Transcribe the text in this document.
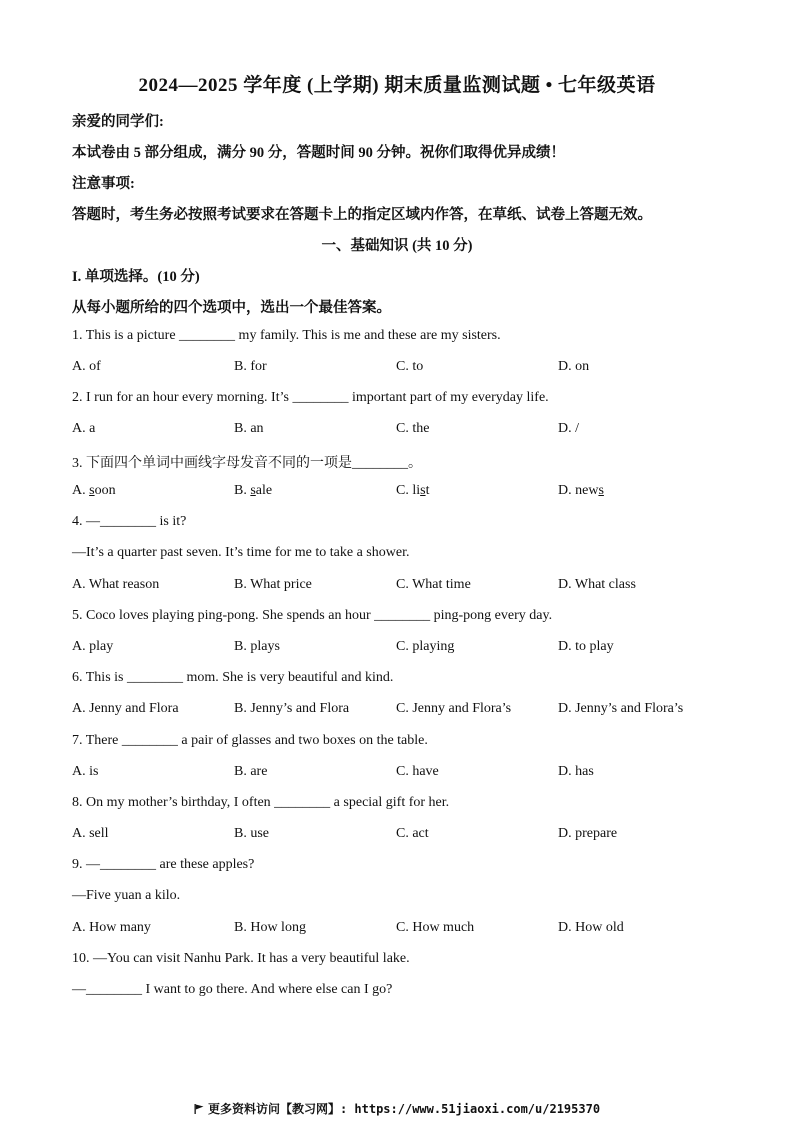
2024—2025 学年度 (上学期) 期末质量监测试题 • 七年级英语
亲爱的同学们:
本试卷由 5 部分组成，满分 90 分，答题时间 90 分钟。祝你们取得优异成绩！
注意事项:
答题时，考生务必按照考试要求在答题卡上的指定区域内作答，在草纸、试卷上答题无效。
一、基础知识 (共 10 分)
I. 单项选择。(10 分)
从每小题所给的四个选项中，选出一个最佳答案。
1. This is a picture ________ my family. This is me and these are my sisters.
A. of	B. for	C. to	D. on
2. I run for an hour every morning. It’s ________ important part of my everyday life.
A. a	B. an	C. the	D. /
3. 下面四个单词中画线字母发音不同的一项是________。
A. soon	B. sale	C. list	D. news
4. —________ is it?
—It’s a quarter past seven. It’s time for me to take a shower.
A. What reason	B. What price	C. What time	D. What class
5. Coco loves playing ping-pong. She spends an hour ________ ping-pong every day.
A. play	B. plays	C. playing	D. to play
6. This is ________ mom. She is very beautiful and kind.
A. Jenny and Flora	B. Jenny’s and Flora	C. Jenny and Flora’s	D. Jenny’s and Flora’s
7. There ________ a pair of glasses and two boxes on the table.
A. is	B. are	C. have	D. has
8. On my mother’s birthday, I often ________ a special gift for her.
A. sell	B. use	C. act	D. prepare
9. —________ are these apples?
—Five yuan a kilo.
A. How many	B. How long	C. How much	D. How old
10. —You can visit Nanhu Park. It has a very beautiful lake.
—________ I want to go there. And where else can I go?
更多资料访问【教习网】: https://www.51jiaoxi.com/u/2195370
